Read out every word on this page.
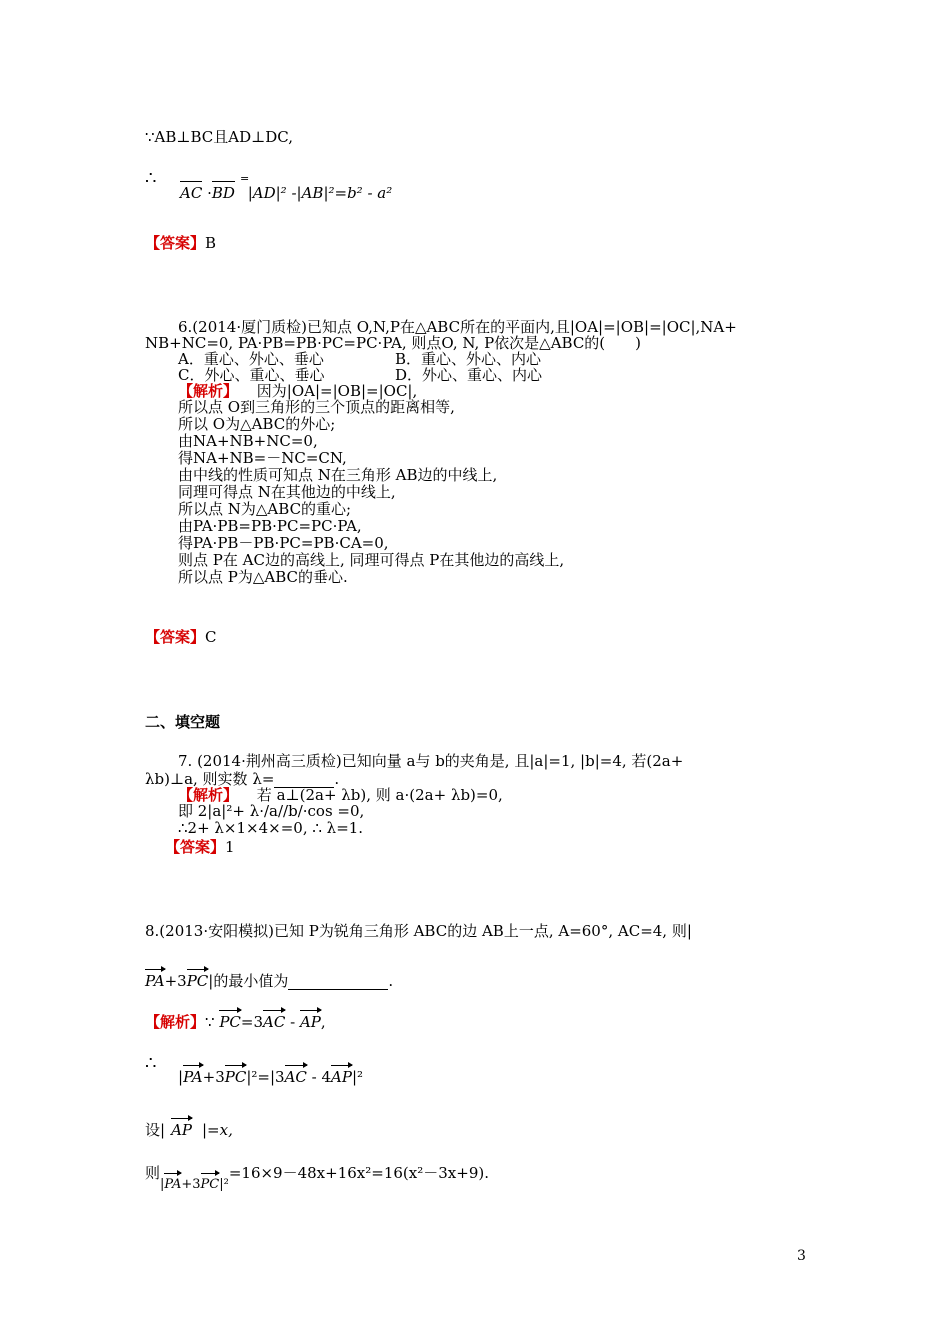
∵AB⊥BC且AD⊥DC,
∴	=
AC ·BD |AD|² -|AB|²=b² - a²
【答案】B
6.(2014·厦门质检)已知点 O,N,P在△ABC所在的平面内,且|OA|=|OB|=|OC|,NA+
NB+NC=0, PA·PB=PB·PC=PC·PA, 则点O, N, P依次是△ABC的(　　)
A．重心、外心、垂心	B．重心、外心、内心
C．外心、重心、垂心	D．外心、重心、内心
【解析】 因为|OA|=|OB|=|OC|,
所以点 O到三角形的三个顶点的距离相等,
所以 O为△ABC的外心;
由NA+NB+NC=0,
得NA+NB=－NC=CN,
由中线的性质可知点 N在三角形 AB边的中线上,
同理可得点 N在其他边的中线上,
所以点 N为△ABC的重心;
由PA·PB=PB·PC=PC·PA,
得PA·PB－PB·PC=PB·CA=0,
则点 P在 AC边的高线上, 同理可得点 P在其他边的高线上,
所以点 P为△ABC的垂心.
【答案】C
二、填空题
7. (2014·荆州高三质检)已知向量 a与 b的夹角是, 且|a|=1, |b|=4, 若(2a+
λb)⊥a, 则实数 λ=	.
【解析】 若 a⊥(2a+ λb), 则 a·(2a+ λb)=0,
即 2|a|²+ λ·/a//b/·cos =0,
∴2+ λ×1×4×=0, ∴ λ=1.
【答案】1
8.(2013·安阳模拟)已知 P为锐角三角形 ABC的边 AB上一点, A=60°, AC=4, 则|
PA+3PC|的最小值为	.
【解析】∵ PC=3AC - AP,
∴
|PA+3PC|²=|3AC - 4AP|²
设| AP |=x,
则|PA+3PC|²=16×9－48x+16x²=16(x²－3x+9).
3
